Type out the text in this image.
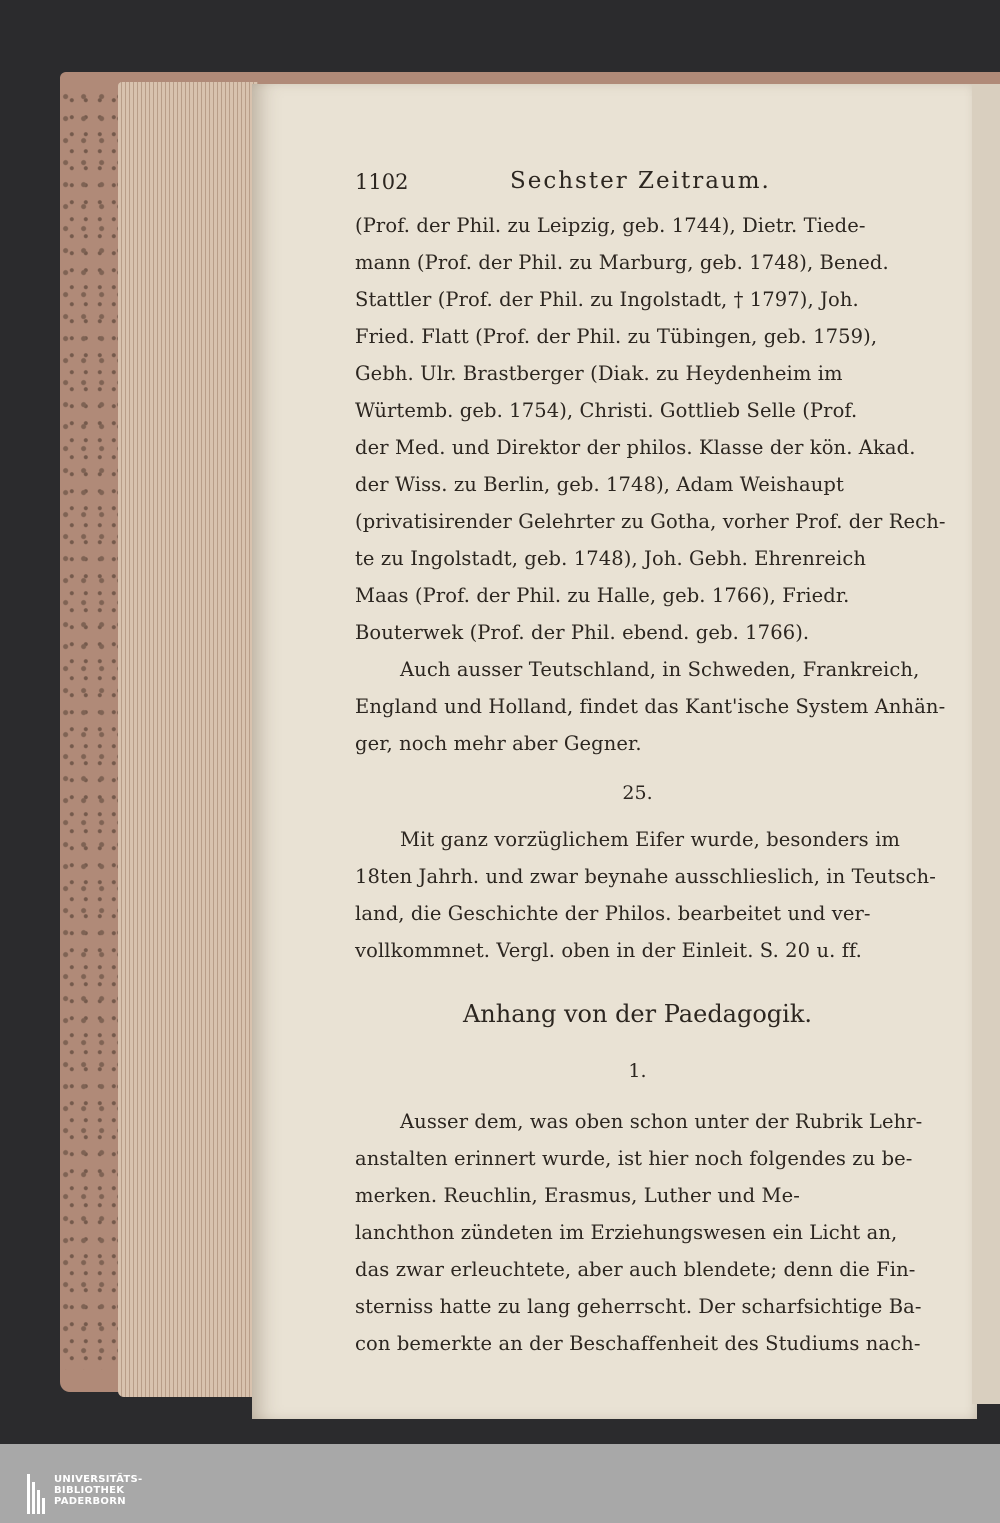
1102	Sechster Zeitraum.
(Prof. der Phil. zu Leipzig, geb. 1744), Dietr. Tiede-
mann (Prof. der Phil. zu Marburg, geb. 1748), Bened.
Stattler (Prof. der Phil. zu Ingolstadt, † 1797), Joh.
Fried. Flatt (Prof. der Phil. zu Tübingen, geb. 1759),
Gebh. Ulr. Brastberger (Diak. zu Heydenheim im
Würtemb. geb. 1754), Christi. Gottlieb Selle (Prof.
der Med. und Direktor der philos. Klasse der kön. Akad.
der Wiss. zu Berlin, geb. 1748), Adam Weishaupt
(privatisirender Gelehrter zu Gotha, vorher Prof. der Rech-
te zu Ingolstadt, geb. 1748), Joh. Gebh. Ehrenreich
Maas (Prof. der Phil. zu Halle, geb. 1766), Friedr.
Bouterwek (Prof. der Phil. ebend. geb. 1766).
Auch ausser Teutschland, in Schweden, Frankreich,
England und Holland, findet das Kant'ische System Anhän-
ger, noch mehr aber Gegner.
25.
Mit ganz vorzüglichem Eifer wurde, besonders im
18ten Jahrh. und zwar beynahe ausschlieslich, in Teutsch-
land, die Geschichte der Philos. bearbeitet und ver-
vollkommnet. Vergl. oben in der Einleit. S. 20 u. ff.
Anhang von der Paedagogik.
1.
Ausser dem, was oben schon unter der Rubrik Lehr-
anstalten erinnert wurde, ist hier noch folgendes zu be-
merken. Reuchlin, Erasmus, Luther und Me-
lanchthon zündeten im Erziehungswesen ein Licht an,
das zwar erleuchtete, aber auch blendete; denn die Fin-
sterniss hatte zu lang geherrscht. Der scharfsichtige Ba-
con bemerkte an der Beschaffenheit des Studiums nach-
UNIVERSITÄTS-
BIBLIOTHEK
PADERBORN
